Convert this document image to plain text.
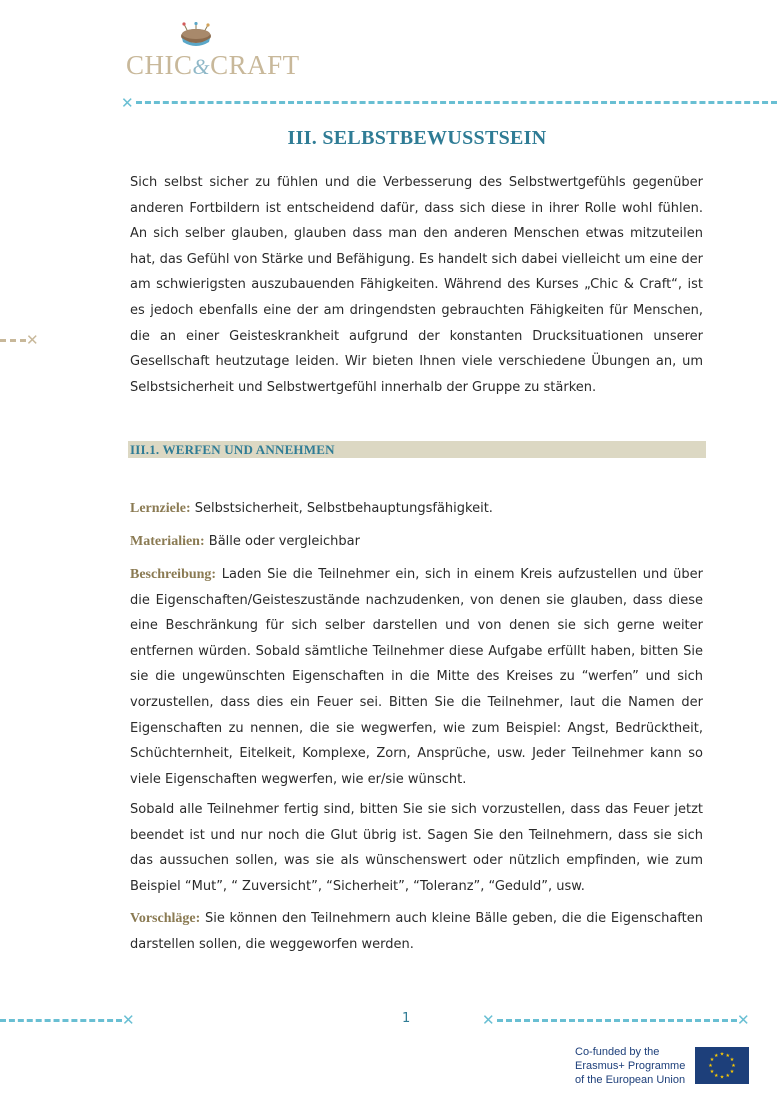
CHIC&CRAFT
✕
✕
III. SELBSTBEWUSSTSEIN
Sich selbst sicher zu fühlen und die Verbesserung des Selbstwertgefühls gegenüber anderen Fortbildern ist entscheidend dafür, dass sich diese in ihrer Rolle wohl fühlen. An sich selber glauben, glauben dass man den anderen Menschen etwas mitzuteilen hat, das Gefühl von Stärke und Befähigung. Es handelt sich dabei vielleicht um eine der am schwierigsten auszubauenden Fähigkeiten. Während des Kurses „Chic & Craft“, ist es jedoch ebenfalls eine der am dringendsten gebrauchten Fähigkeiten für Menschen, die an einer Geisteskrankheit aufgrund der konstanten Drucksituationen unserer Gesellschaft heutzutage leiden. Wir bieten Ihnen viele verschiedene Übungen an, um Selbstsicherheit und Selbstwertgefühl innerhalb der Gruppe zu stärken.
III.1. WERFEN UND ANNEHMEN
Lernziele: Selbstsicherheit, Selbstbehauptungsfähigkeit.
Materialien: Bälle oder vergleichbar
Beschreibung: Laden Sie die Teilnehmer ein, sich in einem Kreis aufzustellen und über die Eigenschaften/Geisteszustände nachzudenken, von denen sie glauben, dass diese eine Beschränkung für sich selber darstellen und von denen sie sich gerne weiter entfernen würden. Sobald sämtliche Teilnehmer diese Aufgabe erfüllt haben, bitten Sie sie die ungewünschten Eigenschaften in die Mitte des Kreises zu “werfen” und sich vorzustellen, dass dies ein Feuer sei. Bitten Sie die Teilnehmer, laut die Namen der Eigenschaften zu nennen, die sie wegwerfen, wie zum Beispiel: Angst, Bedrücktheit, Schüchternheit, Eitelkeit, Komplexe, Zorn, Ansprüche, usw. Jeder Teilnehmer kann so viele Eigenschaften wegwerfen, wie er/sie wünscht.
Sobald alle Teilnehmer fertig sind, bitten Sie sie sich vorzustellen, dass das Feuer jetzt beendet ist und nur noch die Glut übrig ist. Sagen Sie den Teilnehmern, dass sie sich das aussuchen sollen, was sie als wünschenswert oder nützlich empfinden, wie zum Beispiel “Mut”, “ Zuversicht”, “Sicherheit”, “Toleranz”, “Geduld”, usw.
Vorschläge: Sie können den Teilnehmern auch kleine Bälle geben, die die Eigenschaften darstellen sollen, die weggeworfen werden.
✕	✕	✕
1
Co-funded by the
Erasmus+ Programme
of the European Union
★ ★
★
★
★
★
★
★
★
★
★
★
